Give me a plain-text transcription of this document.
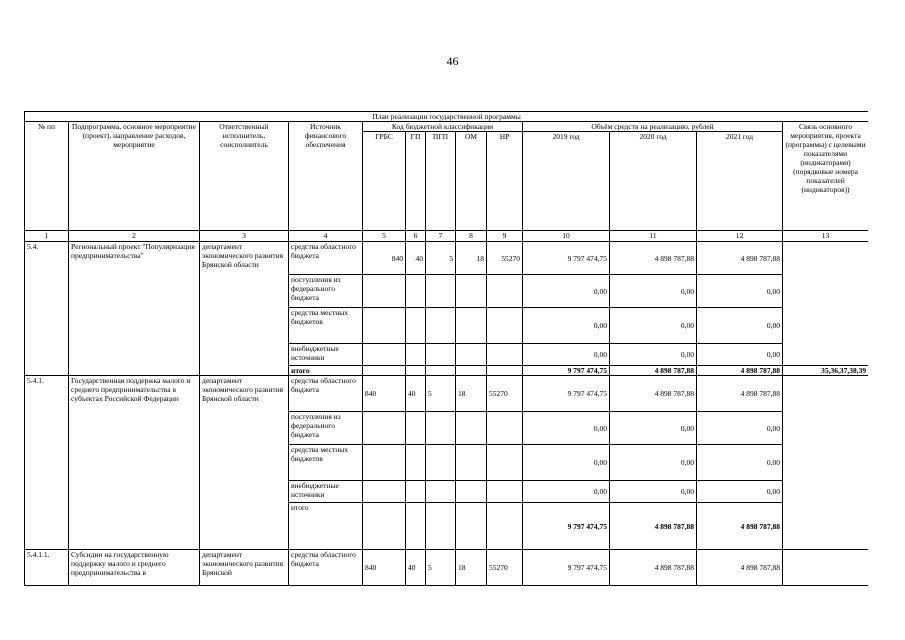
46
План реализации государственной программы												
№ пп	Подпрограмма, основное мероприятие (проект), направление расходов, мероприятие	Ответственный исполнитель, соисполнитель	Источник финансового обеспечения	Код бюджетной классификации					Объём средств на реализацию, рублей			Связь основного мероприятия, проекта (программы) с целевыми показателями (индикаторами) (порядковые номера показателей (индикаторов))
				ГРБС	ГП	ПГП	ОМ	НР	2019 год	2020 год	2021 год	
1	2	3	4	5	6	7	8	9	10	11	12	13
5.4.	Региональный проект "Популяризация предпринимательства"	департамент экономического развития Брянской области	средства областного бюджета	840	40	5	18	55270	9 797 474,75	4 898 787,88	4 898 787,88	
			поступления из федерального бюджета						0,00	0,00	0,00	
			средства местных бюджетов						0,00	0,00	0,00	
			внебюджетные источники						0,00	0,00	0,00	
			итого						9 797 474,75	4 898 787,88	4 898 787,88	35,36,37,38,39
5.4.1.	Государственная поддержка малого и среднего предпринимательства в субъектах Российской Федерации	департамент экономического развития Брянской области	средства областного бюджета	840	40	5	18	55270	9 797 474,75	4 898 787,88	4 898 787,88	
			поступления из федерального бюджета						0,00	0,00	0,00	
			средства местных бюджетов						0,00	0,00	0,00	
			внебюджетные источники						0,00	0,00	0,00	
			итого						9 797 474,75	4 898 787,88	4 898 787,88	
5.4.1.1.	Субсидии на государственную поддержку малого и среднего предпринимательства в	департамент экономического развития Брянской	средства областного бюджета	840	40	5	18	55270	9 797 474,75	4 898 787,88	4 898 787,88	
